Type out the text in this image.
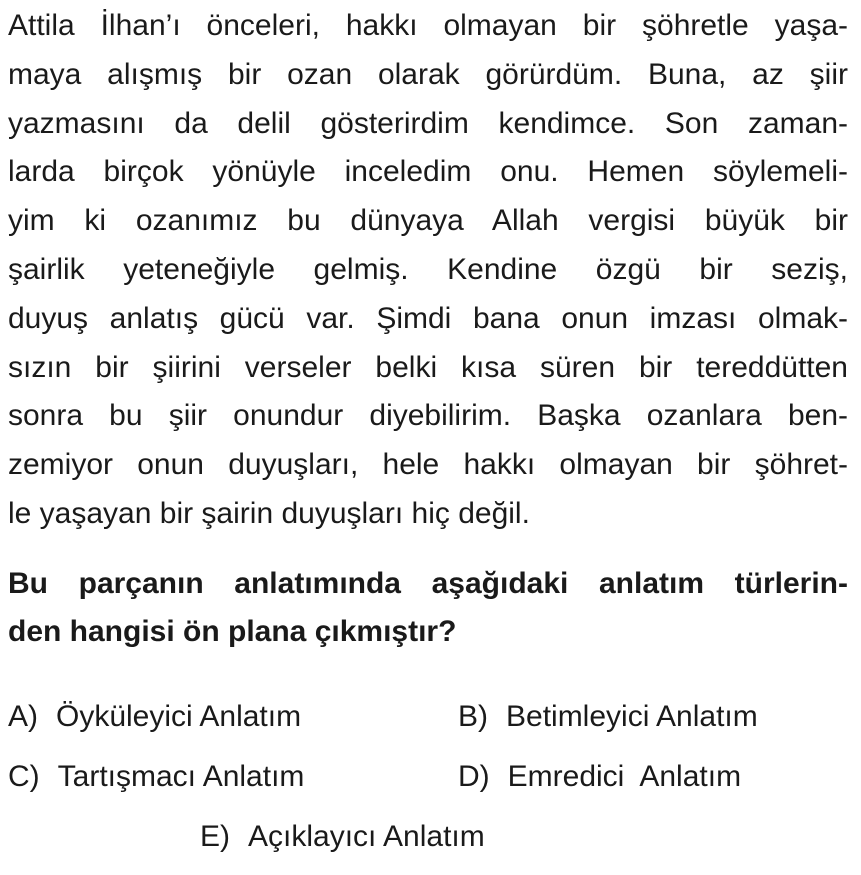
Attila İlhan’ı önceleri, hakkı olmayan bir şöhretle yaşa-
maya alışmış bir ozan olarak görürdüm. Buna, az şiir
yazmasını da delil gösterirdim kendimce. Son zaman-
larda birçok yönüyle inceledim onu. Hemen söylemeli-
yim ki ozanımız bu dünyaya Allah vergisi büyük bir
şairlik yeteneğiyle gelmiş. Kendine özgü bir seziş,
duyuş anlatış gücü var. Şimdi bana onun imzası olmak-
sızın bir şiirini verseler belki kısa süren bir tereddütten
sonra bu şiir onundur diyebilirim. Başka ozanlara ben-
zemiyor onun duyuşları, hele hakkı olmayan bir şöhret-
le yaşayan bir şairin duyuşları hiç değil.
Bu parçanın anlatımında aşağıdaki anlatım türlerin-
den hangisi ön plana çıkmıştır?
A) Öyküleyici Anlatım	B) Betimleyici Anlatım
C) Tartışmacı Anlatım	D) Emredici  Anlatım
E) Açıklayıcı Anlatım
